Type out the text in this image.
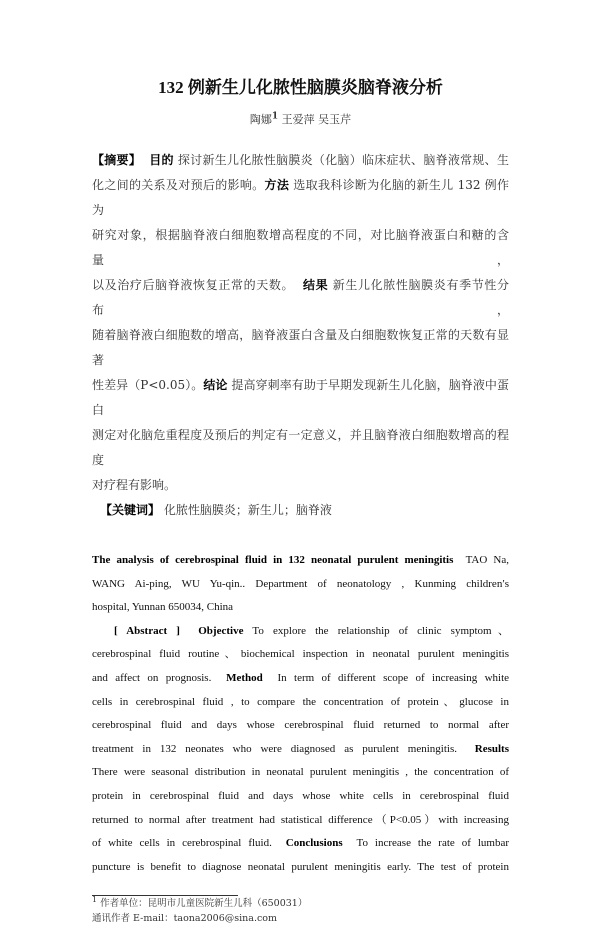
132 例新生儿化脓性脑膜炎脑脊液分析
陶娜$^1$ 王爱萍 吴玉芹
【摘要】 目的 探讨新生儿化脓性脑膜炎（化脑）临床症状、脑脊液常规、生
化之间的关系及对预后的影响。方法 选取我科诊断为化脑的新生儿 132 例作为
研究对象，根据脑脊液白细胞数增高程度的不同，对比脑脊液蛋白和糖的含量，
以及治疗后脑脊液恢复正常的天数。 结果 新生儿化脓性脑膜炎有季节性分布，
随着脑脊液白细胞数的增高，脑脊液蛋白含量及白细胞数恢复正常的天数有显著
性差异（P<0.05）。结论 提高穿刺率有助于早期发现新生儿化脑，脑脊液中蛋白
测定对化脑危重程度及预后的判定有一定意义，并且脑脊液白细胞数增高的程度
对疗程有影响。
【关键词】 化脓性脑膜炎；新生儿；脑脊液
The analysis of cerebrospinal fluid in 132 neonatal purulent meningitis TAO Na,
WANG Ai-ping, WU Yu-qin.. Department of neonatology , Kunming children′s
hospital, Yunnan 650034, China
[ Abstract ] Objective To explore the relationship of clinic symptom、
cerebrospinal fluid routine、biochemical inspection in neonatal purulent meningitis
and affect on prognosis. Method In term of different scope of increasing white
cells in cerebrospinal fluid , to compare the concentration of protein、glucose in
cerebrospinal fluid and days whose cerebrospinal fluid returned to normal after
treatment in 132 neonates who were diagnosed as purulent meningitis. Results
There were seasonal distribution in neonatal purulent meningitis , the concentration of
protein in cerebrospinal fluid and days whose white cells in cerebrospinal fluid
returned to normal after treatment had statistical difference（P<0.05）with increasing
of white cells in cerebrospinal fluid. Conclusions To increase the rate of lumbar
puncture is benefit to diagnose neonatal purulent meningitis early. The test of protein
$^1$ 作者单位：昆明市儿童医院新生儿科（650031）
通讯作者 E-mail：taona2006@sina.com
